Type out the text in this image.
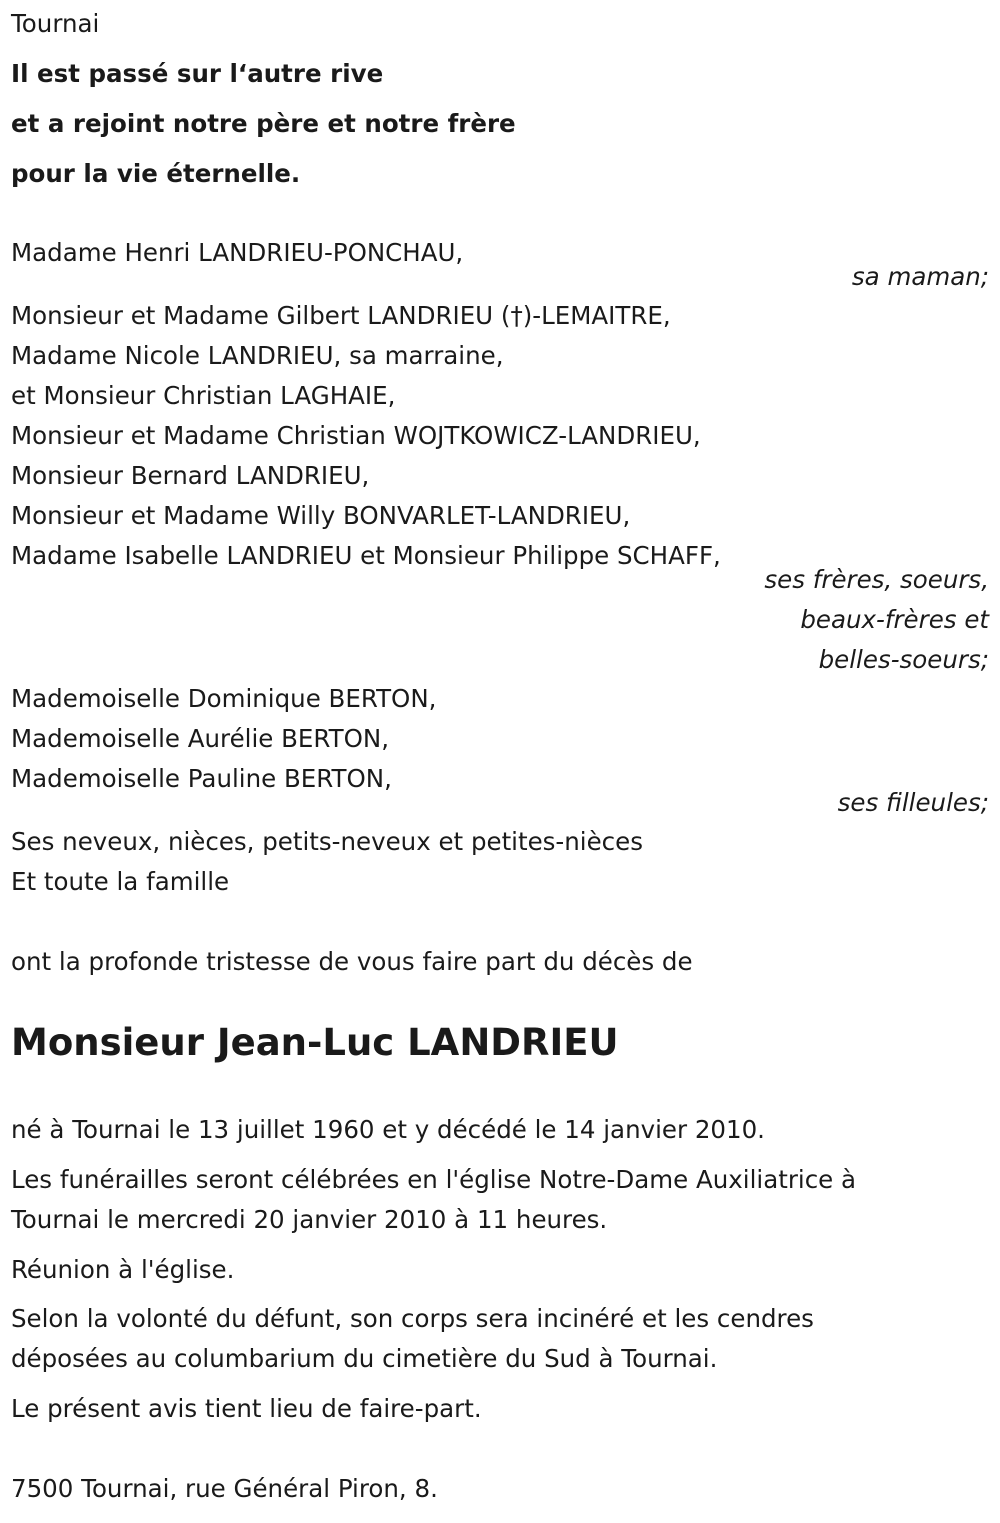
Tournai
Il est passé sur l‘autre rive
et a rejoint notre père et notre frère
pour la vie éternelle.
Madame Henri LANDRIEU-PONCHAU,
sa maman;
Monsieur et Madame Gilbert LANDRIEU (†)-LEMAITRE,
Madame Nicole LANDRIEU, sa marraine,
et Monsieur Christian LAGHAIE,
Monsieur et Madame Christian WOJTKOWICZ-LANDRIEU,
Monsieur Bernard LANDRIEU,
Monsieur et Madame Willy BONVARLET-LANDRIEU,
Madame Isabelle LANDRIEU et Monsieur Philippe SCHAFF,
ses frères, soeurs,
beaux-frères et
belles-soeurs;
Mademoiselle Dominique BERTON,
Mademoiselle Aurélie BERTON,
Mademoiselle Pauline BERTON,
ses filleules;
Ses neveux, nièces, petits-neveux et petites-nièces
Et toute la famille
ont la profonde tristesse de vous faire part du décès de
Monsieur Jean-Luc LANDRIEU
né à Tournai le 13 juillet 1960 et y décédé le 14 janvier 2010.
Les funérailles seront célébrées en l'église Notre-Dame Auxiliatrice à
Tournai le mercredi 20 janvier 2010 à 11 heures.
Réunion à l'église.
Selon la volonté du défunt, son corps sera incinéré et les cendres
déposées au columbarium du cimetière du Sud à Tournai.
Le présent avis tient lieu de faire-part.
7500 Tournai, rue Général Piron, 8.
